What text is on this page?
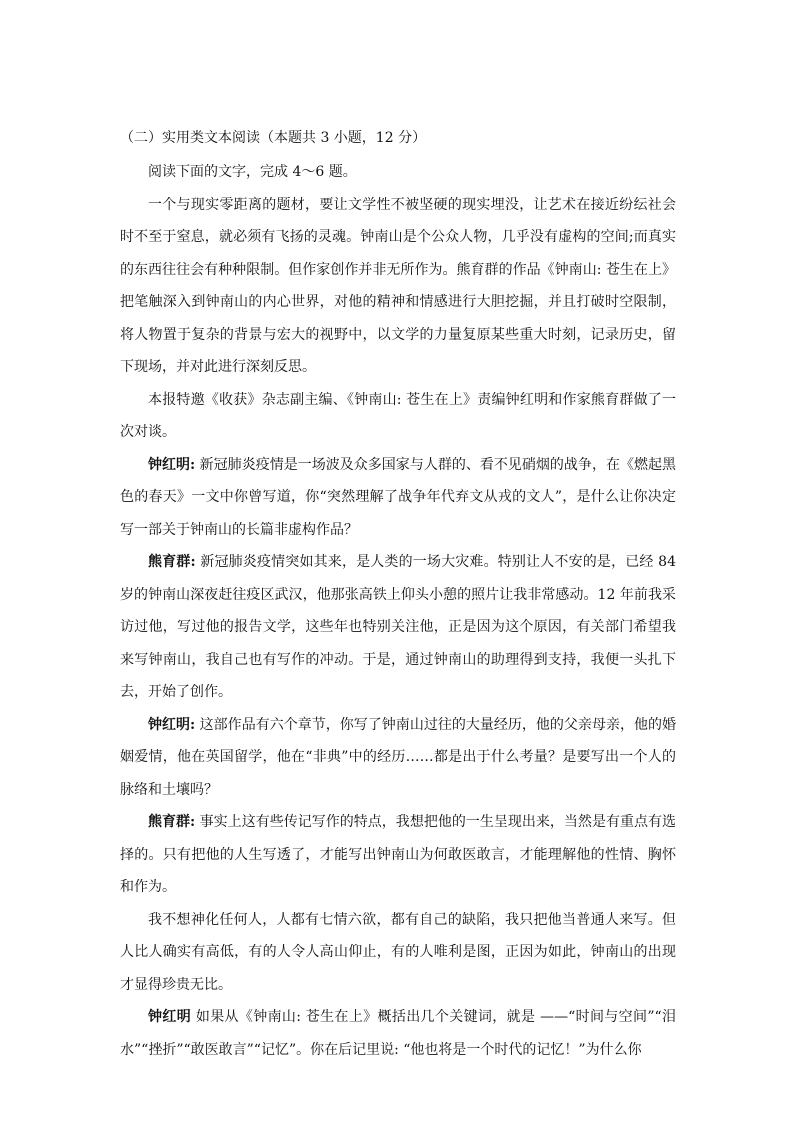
（二）实用类文本阅读（本题共 3 小题，12 分）

阅读下面的文字，完成 4～6 题。

一个与现实零距离的题材，要让文学性不被坚硬的现实埋没，让艺术在接近纷纭社会时不至于窒息，就必须有飞扬的灵魂。钟南山是个公众人物，几乎没有虚构的空间;而真实的东西往往会有种种限制。但作家创作并非无所作为。熊育群的作品《钟南山: 苍生在上》把笔触深入到钟南山的内心世界，对他的精神和情感进行大胆挖掘，并且打破时空限制，将人物置于复杂的背景与宏大的视野中，以文学的力量复原某些重大时刻，记录历史，留下现场，并对此进行深刻反思。

本报特邀《收获》杂志副主编、《钟南山: 苍生在上》责编钟红明和作家熊育群做了一次对谈。

钟红明: 新冠肺炎疫情是一场波及众多国家与人群的、看不见硝烟的战争，在《燃起黑色的春天》一文中你曾写道，你“突然理解了战争年代弃文从戎的文人”，是什么让你决定写一部关于钟南山的长篇非虚构作品？

熊育群: 新冠肺炎疫情突如其来，是人类的一场大灾难。特别让人不安的是，已经 84 岁的钟南山深夜赶往疫区武汉，他那张高铁上仰头小憩的照片让我非常感动。12 年前我采访过他，写过他的报告文学，这些年也特别关注他，正是因为这个原因，有关部门希望我来写钟南山，我自己也有写作的冲动。于是，通过钟南山的助理得到支持，我便一头扎下去，开始了创作。

钟红明: 这部作品有六个章节，你写了钟南山过往的大量经历，他的父亲母亲，他的婚姻爱情，他在英国留学，他在“非典”中的经历……都是出于什么考量？是要写出一个人的脉络和土壤吗？

熊育群: 事实上这有些传记写作的特点，我想把他的一生呈现出来，当然是有重点有选择的。只有把他的人生写透了，才能写出钟南山为何敢医敢言，才能理解他的性情、胸怀和作为。

我不想神化任何人，人都有七情六欲，都有自己的缺陷，我只把他当普通人来写。但人比人确实有高低，有的人令人高山仰止，有的人唯利是图，正因为如此，钟南山的出现才显得珍贵无比。

钟红明 如果从《钟南山: 苍生在上》概括出几个关键词，就是 ——“时间与空间”“泪水”“挫折”“敢医敢言”“记忆”。你在后记里说: “他也将是一个时代的记忆！”为什么你
